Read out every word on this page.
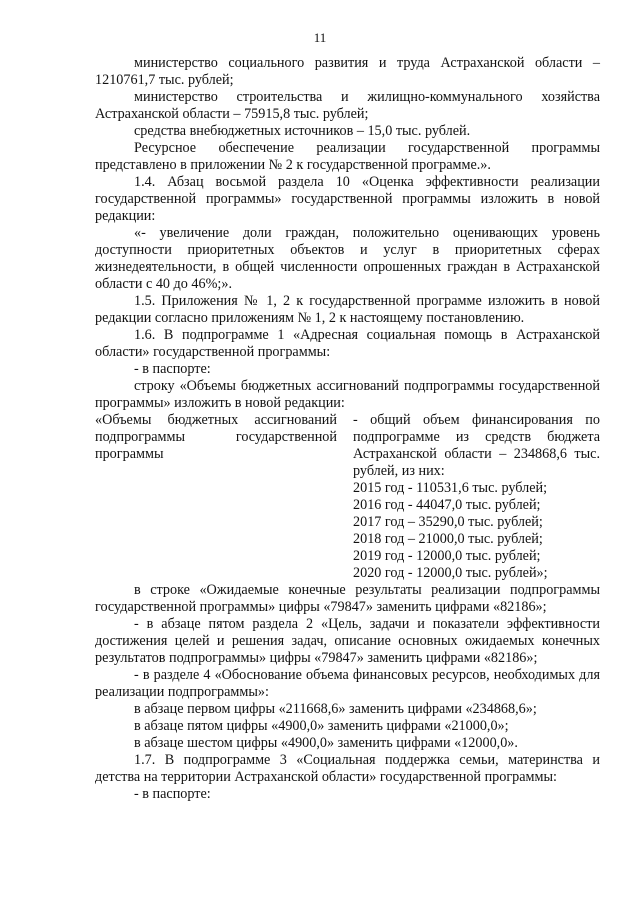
11

министерство социального развития и труда Астраханской области – 1210761,7 тыс. рублей;

министерство строительства и жилищно-коммунального хозяйства Астраханской области – 75915,8 тыс. рублей;

средства внебюджетных источников – 15,0 тыс. рублей.

Ресурсное обеспечение реализации государственной программы представлено в приложении № 2 к государственной программе.».

1.4. Абзац восьмой раздела 10 «Оценка эффективности реализации государственной программы» государственной программы изложить в новой редакции:

«- увеличение доли граждан, положительно оценивающих уровень доступности приоритетных объектов и услуг в приоритетных сферах жизнедеятельности, в общей численности опрошенных граждан в Астраханской области с 40 до 46%;».

1.5. Приложения № 1, 2 к государственной программе изложить в новой редакции согласно приложениям № 1, 2 к настоящему постановлению.

1.6. В подпрограмме 1 «Адресная социальная помощь в Астраханской области» государственной программы:

- в паспорте:

строку «Объемы бюджетных ассигнований подпрограммы государственной программы» изложить в новой редакции:

«Объемы бюджетных ассигнований подпрограммы государственной программы
- общий объем финансирования по подпрограмме из средств бюджета Астраханской области – 234868,6 тыс. рублей, из них:
2015 год - 110531,6 тыс. рублей;
2016 год - 44047,0 тыс. рублей;
2017 год – 35290,0 тыс. рублей;
2018 год – 21000,0 тыс. рублей;
2019 год - 12000,0 тыс. рублей;
2020 год - 12000,0 тыс. рублей»;

в строке «Ожидаемые конечные результаты реализации подпрограммы государственной программы» цифры «79847» заменить цифрами «82186»;

- в абзаце пятом раздела 2 «Цель, задачи и показатели эффективности достижения целей и решения задач, описание основных ожидаемых конечных результатов подпрограммы» цифры «79847» заменить цифрами «82186»;

- в разделе 4 «Обоснование объема финансовых ресурсов, необходимых для реализации подпрограммы»:

в абзаце первом цифры «211668,6» заменить цифрами «234868,6»;

в абзаце пятом цифры «4900,0» заменить цифрами «21000,0»;

в абзаце шестом цифры «4900,0» заменить цифрами «12000,0».

1.7. В подпрограмме 3 «Социальная поддержка семьи, материнства и детства на территории Астраханской области» государственной программы:

- в паспорте:
